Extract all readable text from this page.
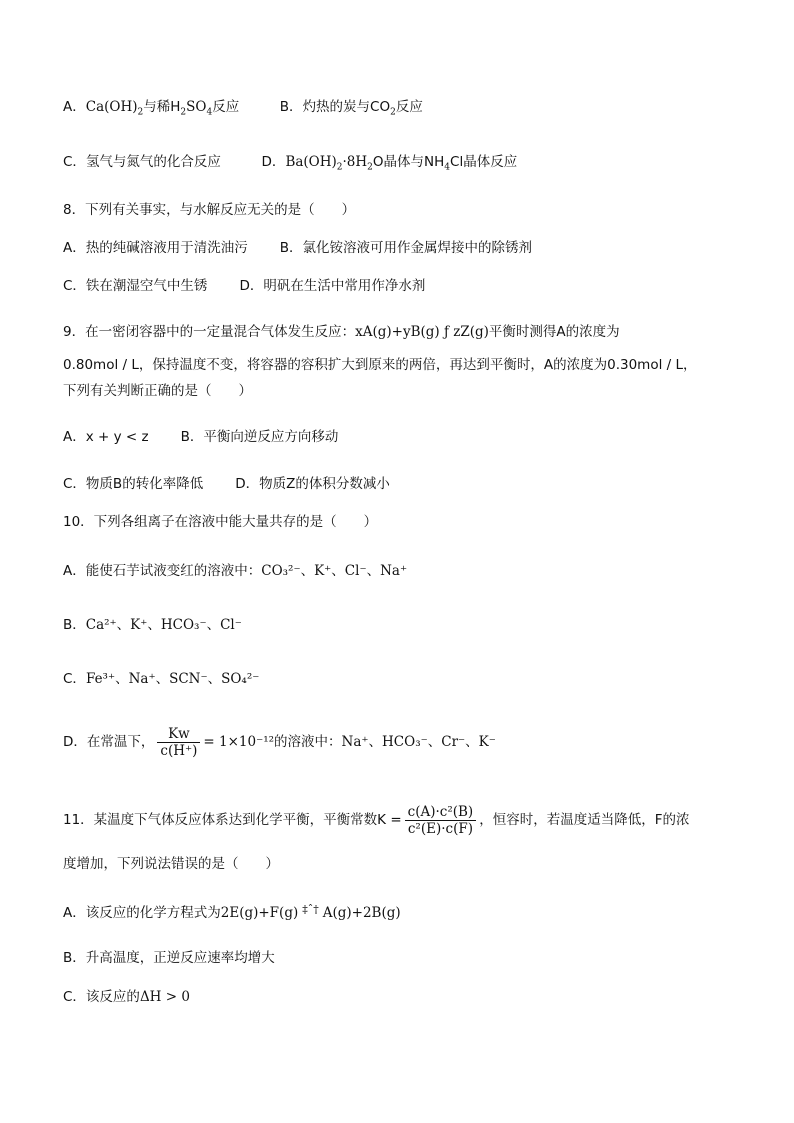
A．$Ca(OH)_2$与稀$H_2SO_4$反应	B．灼热的炭与$CO_2$反应
C．氢气与氮气的化合反应	D．$Ba(OH)_2\cdot 8H_2O$晶体与$NH_4Cl$晶体反应
8．下列有关事实，与水解反应无关的是（　　）
A．热的纯碱溶液用于清洗油污 B．氯化铵溶液可用作金属焊接中的除锈剂
C．铁在潮湿空气中生锈 D．明矾在生活中常用作净水剂
9．在一密闭容器中的一定量混合气体发生反应：xA(g)+yB(g) ƒ zZ(g)平衡时测得A的浓度为
0.80mol / L，保持温度不变，将容器的容积扩大到原来的两倍，再达到平衡时，A的浓度为0.30mol / L，
下列有关判断正确的是（　　）
A．x + y < z B．平衡向逆反应方向移动
C．物质B的转化率降低 D．物质Z的体积分数减小
10．下列各组离子在溶液中能大量共存的是（　　）
A．能使石芋试液变红的溶液中：CO₃²⁻、K⁺、Cl⁻、Na⁺
B．Ca²⁺、K⁺、HCO₃⁻、Cl⁻
C．Fe³⁺、Na⁺、SCN⁻、SO₄²⁻
D．在常温下， $\frac{Kw}{c(H^+)} = 1\times 10^{-12}$的溶液中：Na⁺、HCO₃⁻、Cr⁻、K⁻
11．某温度下气体反应体系达到化学平衡，平衡常数$K = \frac{\text{c(A)·c²(B)}}{\text{c²(E)·c(F)}}$ ，恒容时，若温度适当降低，F的浓
度增加，下列说法错误的是（　　）
A．该反应的化学方程式为2E(g)+F(g) $^{\ddagger ˆ\dagger}$ A(g)+2B(g)
B．升高温度，正逆反应速率均增大
C．该反应的ΔH > 0
